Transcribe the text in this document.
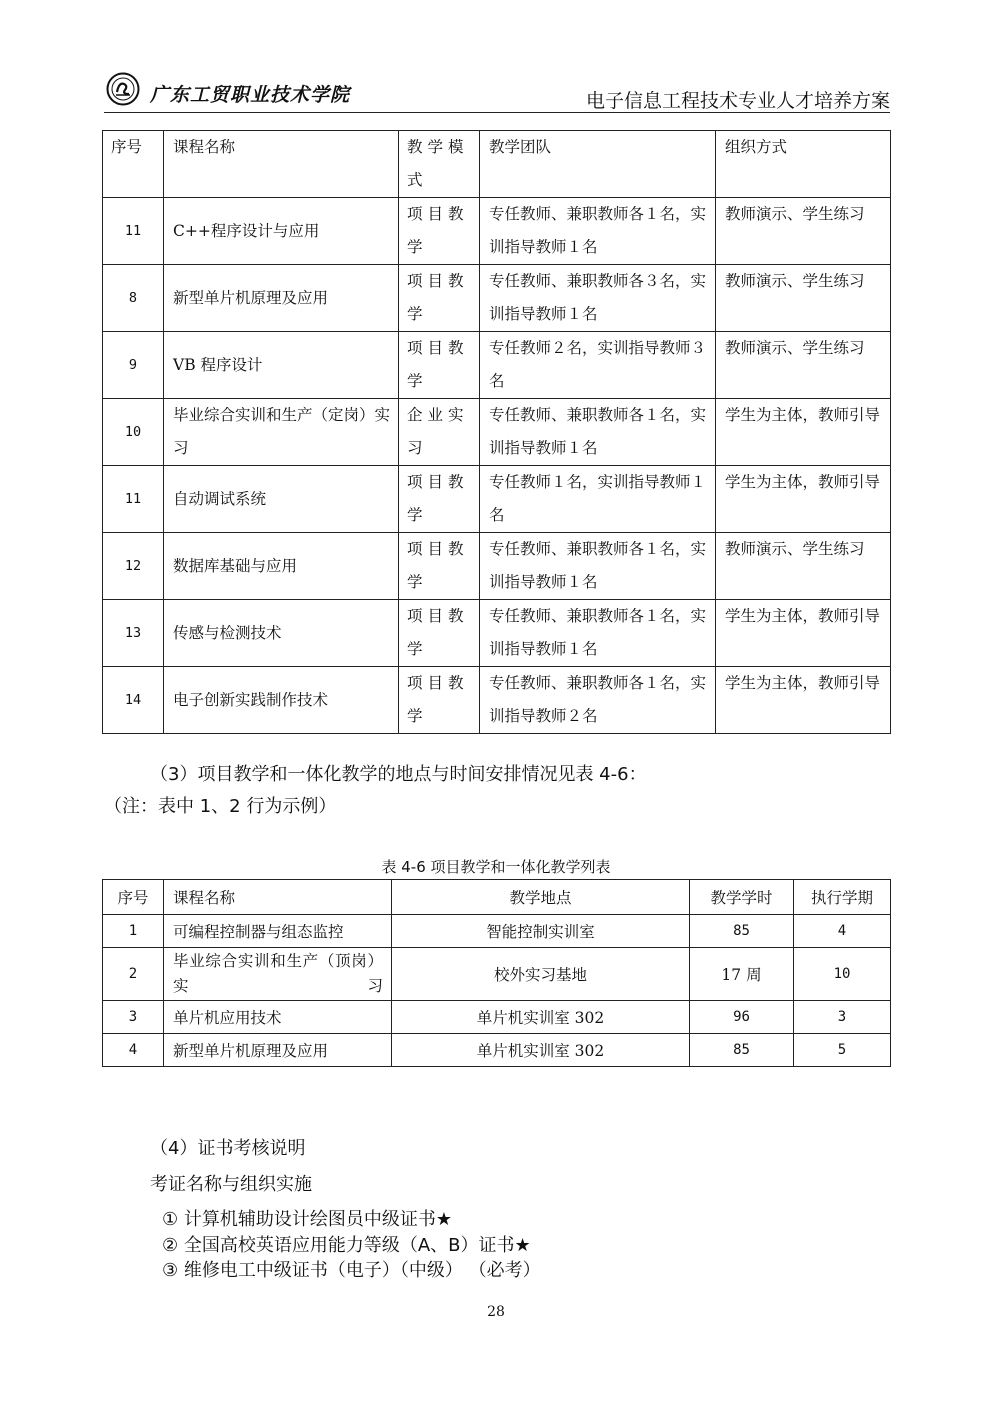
广东工贸职业技术学院	电子信息工程技术专业人才培养方案
序号	课程名称	教学模式	教学团队	组织方式
11	C++程序设计与应用	项目教学	专任教师、兼职教师各１名，实训指导教师１名	教师演示、学生练习
8	新型单片机原理及应用	项目教学	专任教师、兼职教师各３名，实训指导教师１名	教师演示、学生练习
9	VB 程序设计	项目教学	专任教师２名，实训指导教师３名	教师演示、学生练习
10	毕业综合实训和生产（定岗）实习	企业实习	专任教师、兼职教师各１名，实训指导教师１名	学生为主体，教师引导
11	自动调试系统	项目教学	专任教师１名，实训指导教师１名	学生为主体，教师引导
12	数据库基础与应用	项目教学	专任教师、兼职教师各１名，实训指导教师１名	教师演示、学生练习
13	传感与检测技术	项目教学	专任教师、兼职教师各１名，实训指导教师１名	学生为主体，教师引导
14	电子创新实践制作技术	项目教学	专任教师、兼职教师各１名，实训指导教师２名	学生为主体，教师引导
（3）项目教学和一体化教学的地点与时间安排情况见表 4-6：
（注：表中 1、2 行为示例）
表 4-6 项目教学和一体化教学列表
序号	课程名称	教学地点	教学学时	执行学期
1	可编程控制器与组态监控	智能控制实训室	85	4
2	毕业综合实训和生产（顶岗）实习	校外实习基地	17 周	10
3	单片机应用技术	单片机实训室 302	96	3
4	新型单片机原理及应用	单片机实训室 302	85	5
（4）证书考核说明
考证名称与组织实施
① 计算机辅助设计绘图员中级证书★
② 全国高校英语应用能力等级（A、B）证书★
③ 维修电工中级证书（电子）（中级） （必考）
28
